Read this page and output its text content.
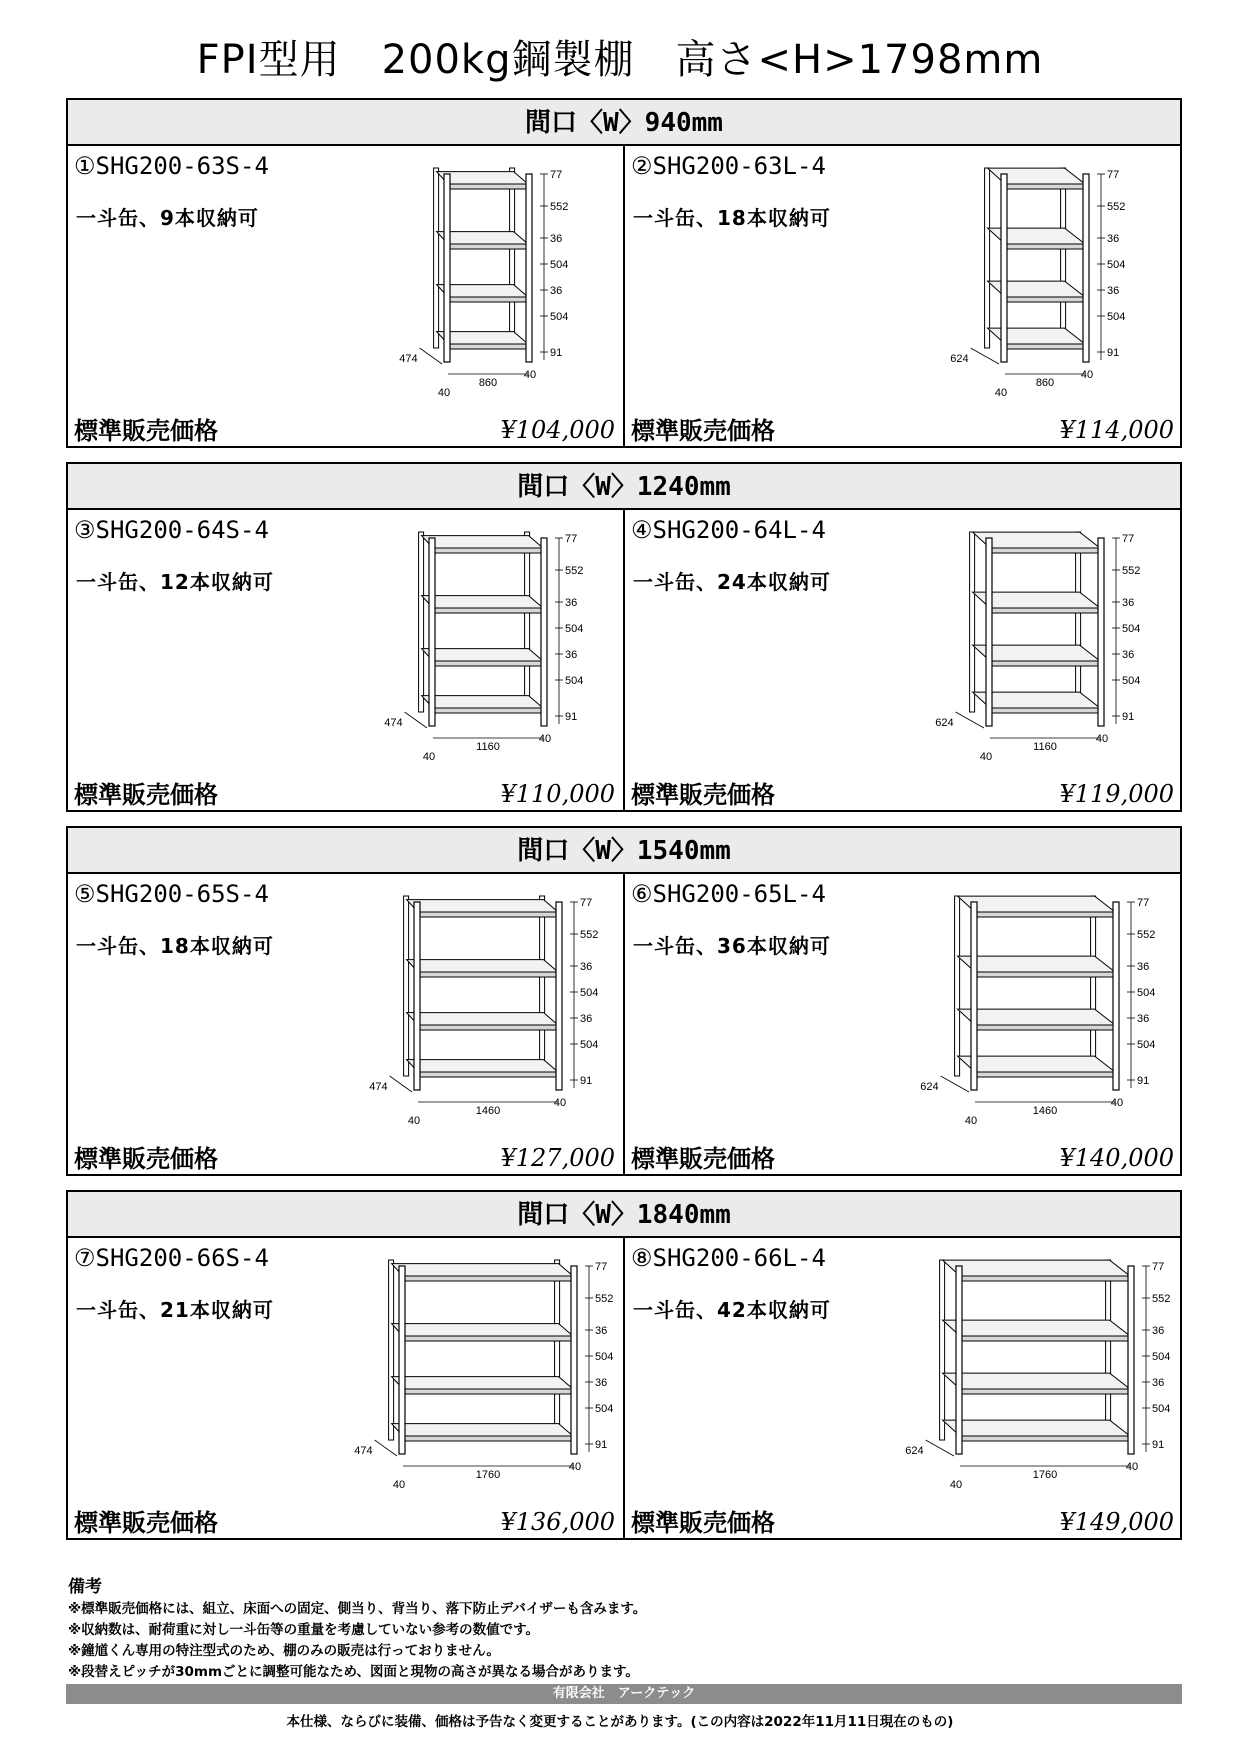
FPI型用　200kg鋼製棚　高さ<H>1798mm
間口〈W〉940mm
①SHG200-63S-4
一斗缶、9本収納可
77
552
36
504
36
504
91
860
40
40
474
標準販売価格	¥104,000
②SHG200-63L-4
一斗缶、18本収納可
77
552
36
504
36
504
91
860
40
40
624
標準販売価格	¥114,000
間口〈W〉1240mm
③SHG200-64S-4
一斗缶、12本収納可
77
552
36
504
36
504
91
1160
40
40
474
標準販売価格	¥110,000
④SHG200-64L-4
一斗缶、24本収納可
77
552
36
504
36
504
91
1160
40
40
624
標準販売価格	¥119,000
間口〈W〉1540mm
⑤SHG200-65S-4
一斗缶、18本収納可
77
552
36
504
36
504
91
1460
40
40
474
標準販売価格	¥127,000
⑥SHG200-65L-4
一斗缶、36本収納可
77
552
36
504
36
504
91
1460
40
40
624
標準販売価格	¥140,000
間口〈W〉1840mm
⑦SHG200-66S-4
一斗缶、21本収納可
77
552
36
504
36
504
91
1760
40
40
474
標準販売価格	¥136,000
⑧SHG200-66L-4
一斗缶、42本収納可
77
552
36
504
36
504
91
1760
40
40
624
標準販売価格	¥149,000
備考
※標準販売価格には、組立、床面への固定、側当り、背当り、落下防止デバイザーも含みます。
※収納数は、耐荷重に対し一斗缶等の重量を考慮していない参考の数値です。
※鐘馗くん専用の特注型式のため、棚のみの販売は行っておりません。
※段替えピッチが30mmごとに調整可能なため、図面と現物の高さが異なる場合があります。
有限会社　アークテック
本仕様、ならびに装備、価格は予告なく変更することがあります。(この内容は2022年11月11日現在のもの)
